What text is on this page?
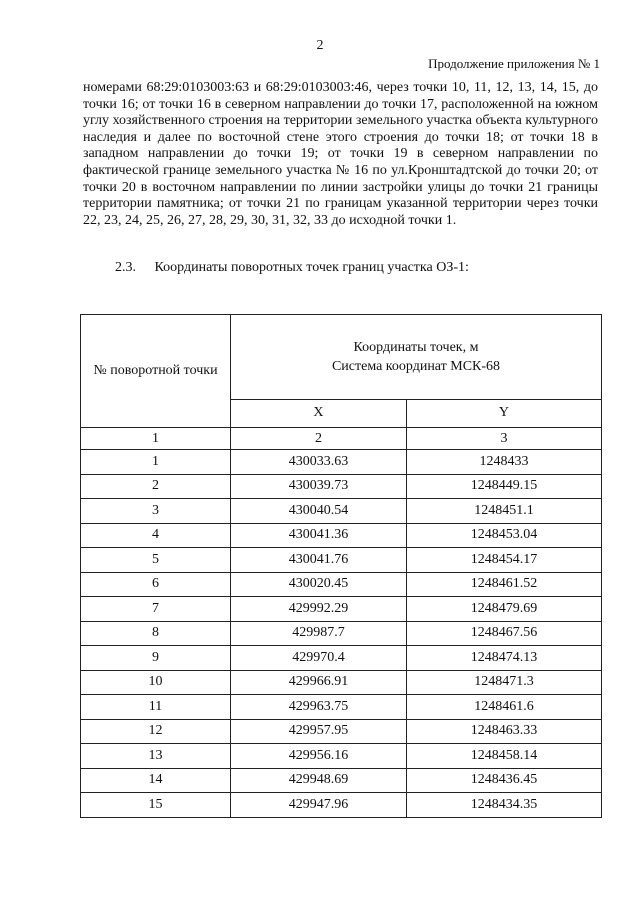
2
Продолжение приложения № 1

номерами 68:29:0103003:63 и 68:29:0103003:46, через точки 10, 11, 12, 13, 14, 15, до точки 16; от точки 16 в северном направлении до точки 17, расположенной на южном углу хозяйственного строения на территории земельного участка объекта культурного наследия и далее по восточной стене этого строения до точки 18; от точки 18 в западном направлении до точки 19; от точки 19 в северном направлении по фактической границе земельного участка № 16 по ул.Кронштадтской до точки 20; от точки 20 в восточном направлении по линии застройки улицы до точки 21 границы территории памятника; от точки 21 по границам указанной территории через точки 22, 23, 24, 25, 26, 27, 28, 29, 30, 31, 32, 33 до исходной точки 1.

2.3. Координаты поворотных точек границ участка ОЗ-1:
№ поворотной точки	Координаты точек, м
Система координат МСК-68	

	X	Y
1	2	3
1	430033.63	1248433
2	430039.73	1248449.15
3	430040.54	1248451.1
4	430041.36	1248453.04
5	430041.76	1248454.17
6	430020.45	1248461.52
7	429992.29	1248479.69
8	429987.7	1248467.56
9	429970.4	1248474.13
10	429966.91	1248471.3
11	429963.75	1248461.6
12	429957.95	1248463.33
13	429956.16	1248458.14
14	429948.69	1248436.45
15	429947.96	1248434.35
